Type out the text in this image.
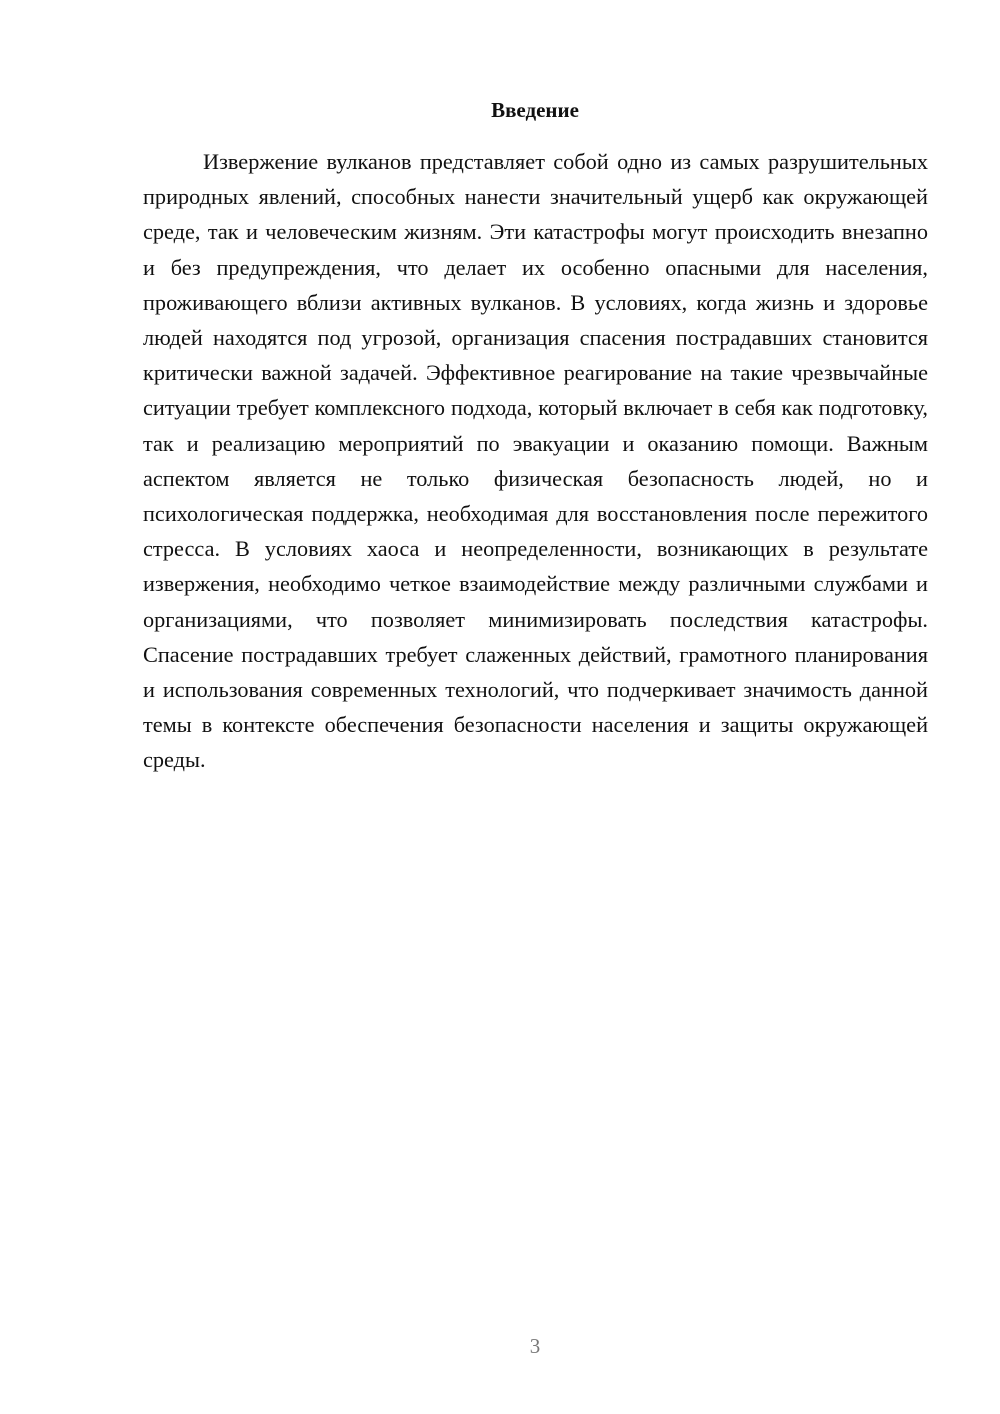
Введение

Извержение вулканов представляет собой одно из самых разрушительных природных явлений, способных нанести значительный ущерб как окружающей среде, так и человеческим жизням. Эти катастрофы могут происходить внезапно и без предупреждения, что делает их особенно опасными для населения, проживающего вблизи активных вулканов. В условиях, когда жизнь и здоровье людей находятся под угрозой, организация спасения пострадавших становится критически важной задачей. Эффективное реагирование на такие чрезвычайные ситуации требует комплексного подхода, который включает в себя как подготовку, так и реализацию мероприятий по эвакуации и оказанию помощи. Важным аспектом является не только физическая безопасность людей, но и психологическая поддержка, необходимая для восстановления после пережитого стресса. В условиях хаоса и неопределенности, возникающих в результате извержения, необходимо четкое взаимодействие между различными службами и организациями, что позволяет минимизировать последствия катастрофы. Спасение пострадавших требует слаженных действий, грамотного планирования и использования современных технологий, что подчеркивает значимость данной темы в контексте обеспечения безопасности населения и защиты окружающей среды.

3
